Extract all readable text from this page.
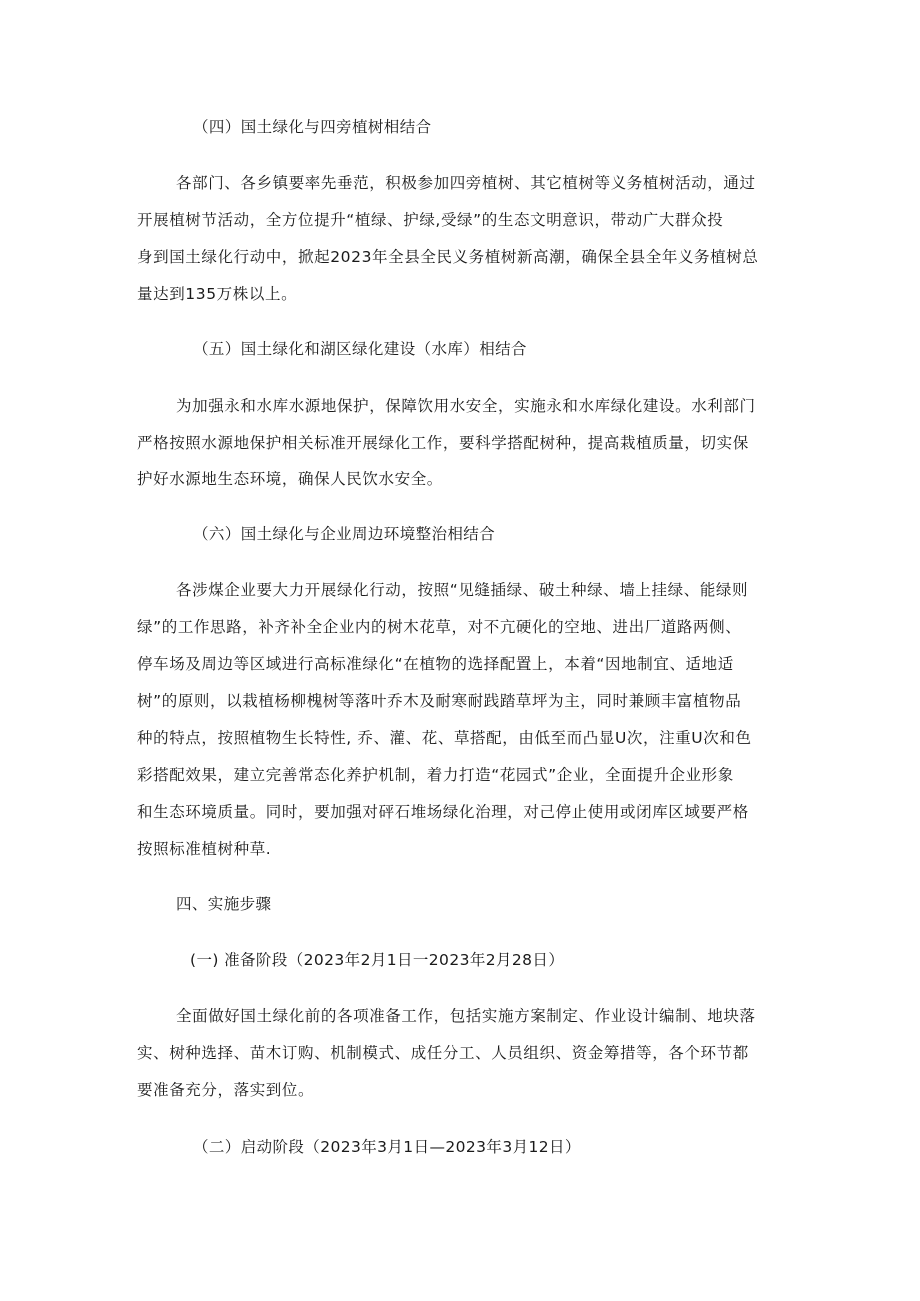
（四）国土绿化与四旁植树相结合
各部门、各乡镇要率先垂范，积极参加四旁植树、其它植树等义务植树活动，通过
开展植树节活动，全方位提升“植绿、护绿,受绿”的生态文明意识，带动广大群众投
身到国土绿化行动中，掀起2023年全县全民义务植树新高潮，确保全县全年义务植树总
量达到135万株以上。
（五）国土绿化和湖区绿化建设（水库）相结合
为加强永和水库水源地保护，保障饮用水安全，实施永和水库绿化建设。水利部门
严格按照水源地保护相关标准开展绿化工作，要科学搭配树种，提高栽植质量，切实保
护好水源地生态环境，确保人民饮水安全。
（六）国土绿化与企业周边环境整治相结合
各涉煤企业要大力开展绿化行动，按照“见缝插绿、破土种绿、墙上挂绿、能绿则
绿”的工作思路，补齐补全企业内的树木花草，对不亢硬化的空地、进出厂道路两侧、
停车场及周边等区域进行高标准绿化“在植物的选择配置上，本着“因地制宜、适地适
树”的原则，以栽植杨柳槐树等落叶乔木及耐寒耐践踏草坪为主，同时兼顾丰富植物品
种的特点，按照植物生长特性, 乔、灌、花、草搭配，由低至而凸显U次，注重U次和色
彩搭配效果，建立完善常态化养护机制，着力打造“花园式”企业，全面提升企业形象
和生态环境质量。同时，要加强对砰石堆场绿化治理，对己停止使用或闭库区域要严格
按照标准植树种草.
四、实施步骤
(一) 准备阶段（2023年2月1日一2023年2月28日）
全面做好国土绿化前的各项准备工作，包括实施方案制定、作业设计编制、地块落
实、树种选择、苗木订购、机制模式、成任分工、人员组织、资金筹措等，各个环节都
要准备充分，落实到位。
（二）启动阶段（2023年3月1日—2023年3月12日）
